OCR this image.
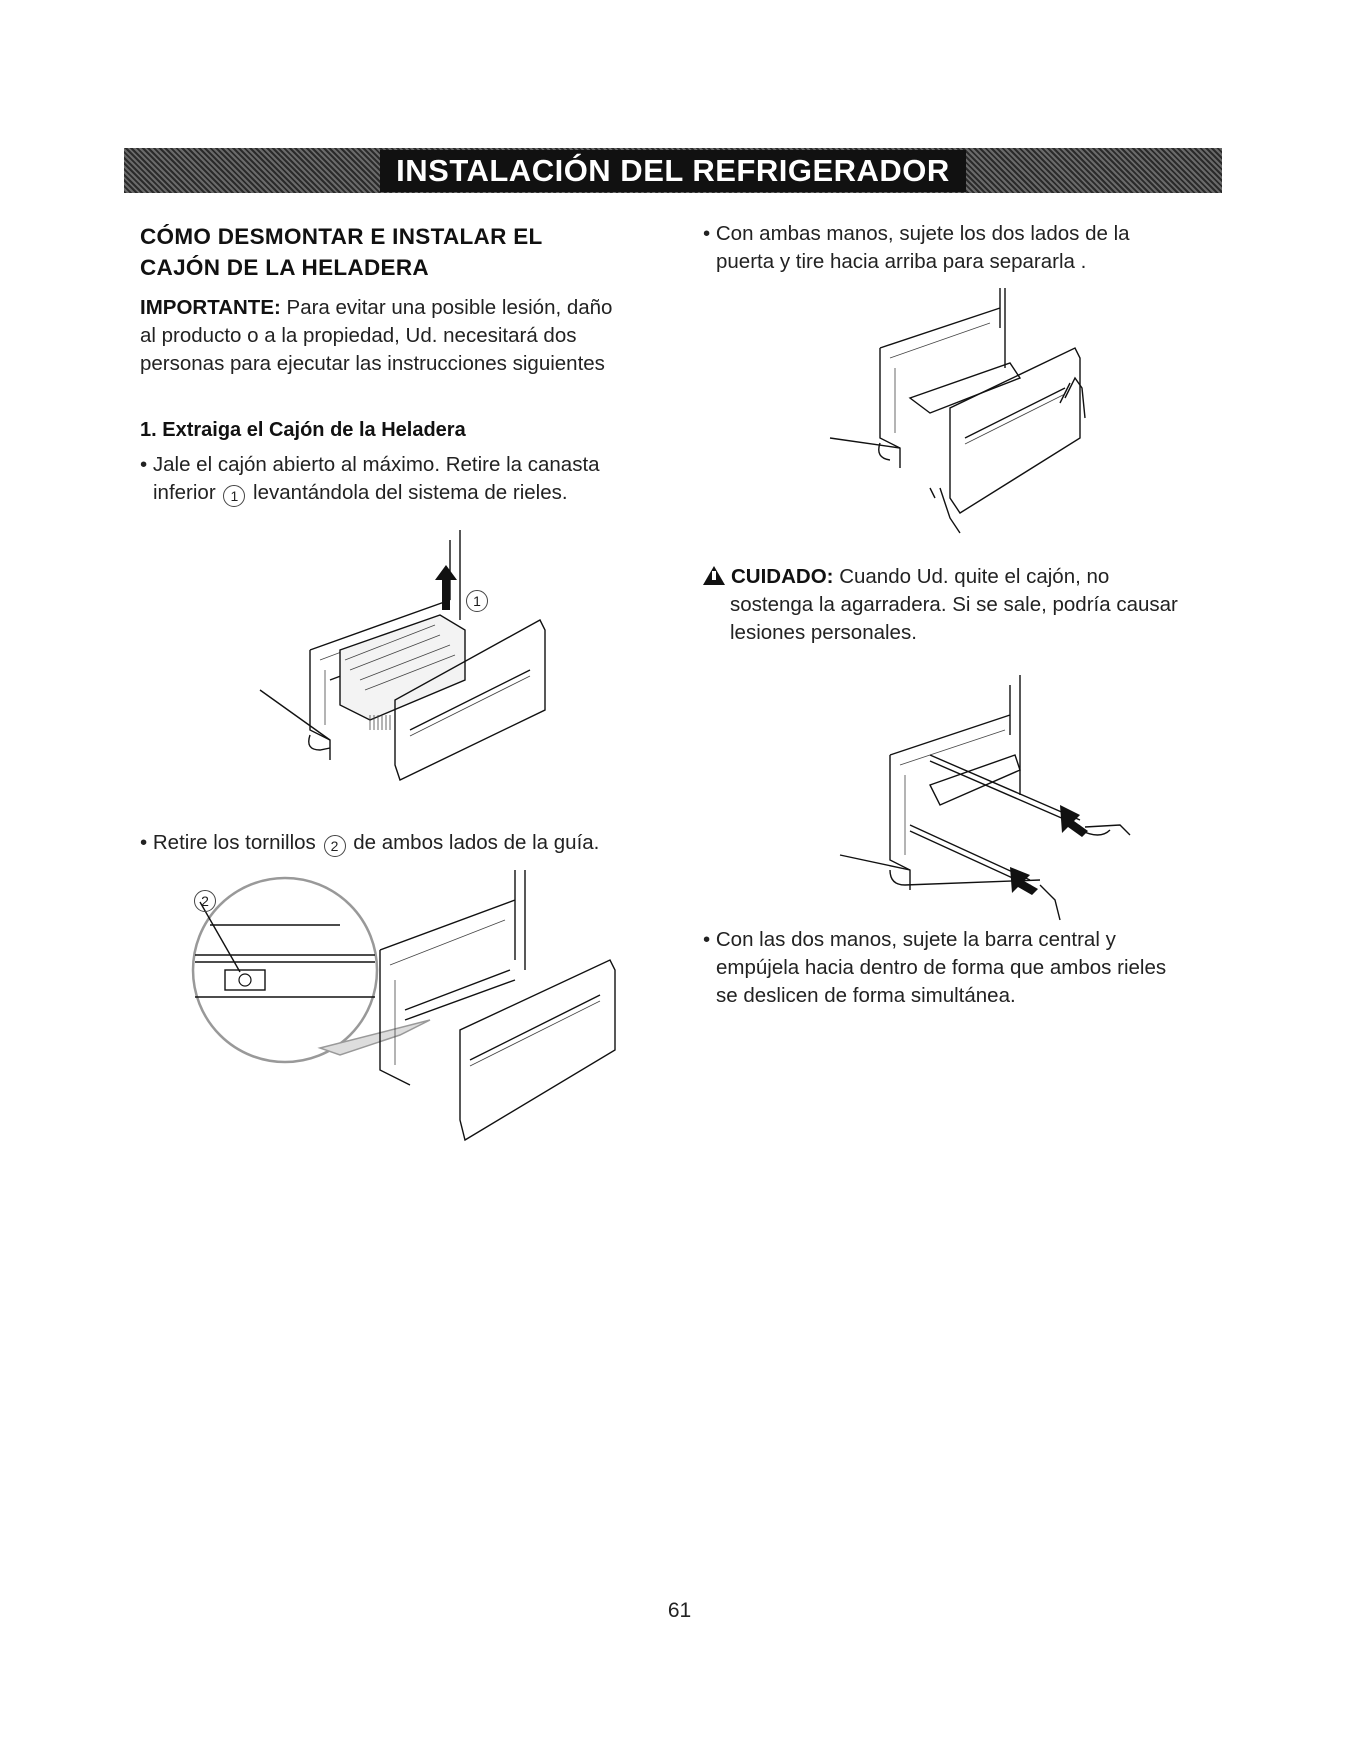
INSTALACIÓN DEL REFRIGERADOR
CÓMO DESMONTAR E INSTALAR EL
CAJÓN DE LA HELADERA
IMPORTANTE: Para evitar una posible lesión, daño
al producto o a la propiedad, Ud. necesitará dos
personas para ejecutar las instrucciones siguientes
1. Extraiga el Cajón de la Heladera
• Jale el cajón abierto al máximo. Retire la canasta
inferior 1 levantándola del sistema de rieles.
1
• Retire los tornillos 2 de ambos lados de la guía.
2
• Con ambas manos, sujete los dos lados de la
puerta y tire hacia arriba para separarla .
CUIDADO: Cuando Ud. quite el cajón, no
sostenga la agarradera. Si se sale, podría causar
lesiones personales.
• Con las dos manos, sujete la barra central y
empújela hacia dentro de forma que ambos rieles
se deslicen de forma simultánea.
61
